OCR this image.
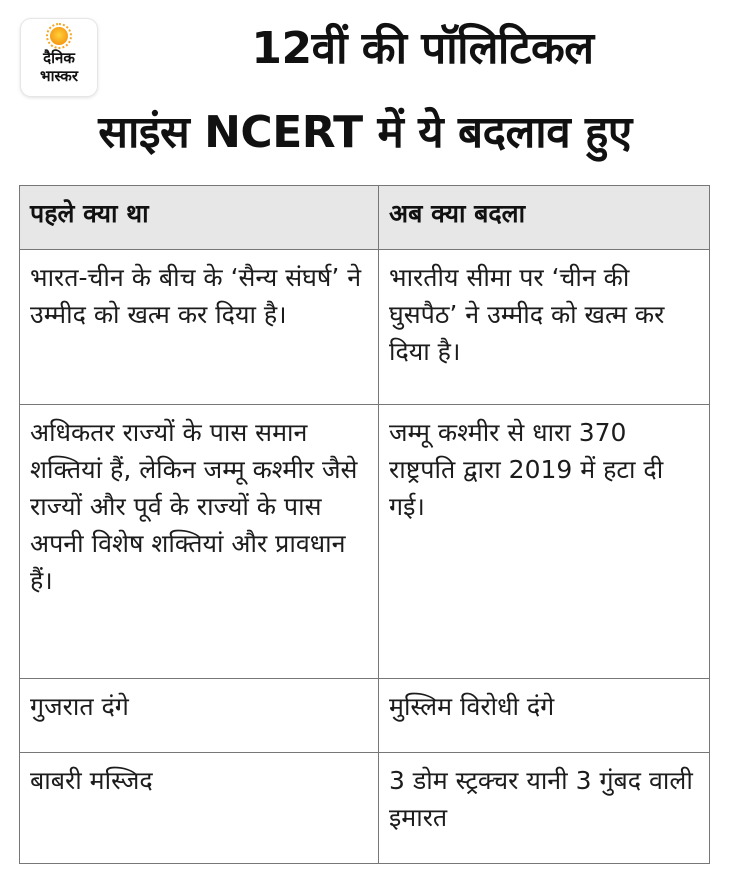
दैनिक
भास्कर
12वीं की पॉलिटिकल
साइंस NCERT में ये बदलाव हुए
पहले क्या था	अब क्या बदला
भारत-चीन के बीच के ‘सैन्य संघर्ष’ ने उम्मीद को खत्म कर दिया है।	भारतीय सीमा पर ‘चीन की घुसपैठ’ ने उम्मीद को खत्म कर दिया है।
अधिकतर राज्यों के पास समान शक्तियां हैं, लेकिन जम्मू कश्मीर जैसे राज्यों और पूर्व के राज्यों के पास अपनी विशेष शक्तियां और प्रावधान हैं।	जम्मू कश्मीर से धारा 370 राष्ट्रपति द्वारा 2019 में हटा दी गई।
गुजरात दंगे	मुस्लिम विरोधी दंगे
बाबरी मस्जिद	3 डोम स्ट्रक्चर यानी 3 गुंबद वाली इमारत
